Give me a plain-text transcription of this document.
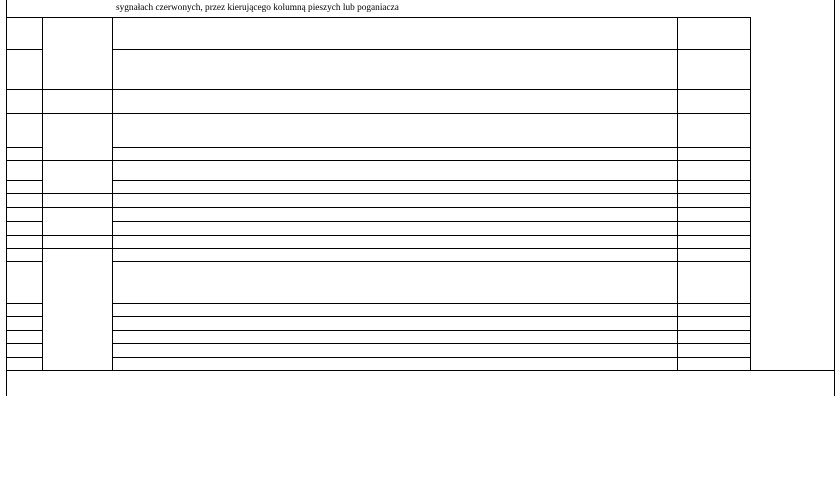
sygnałach czerwonych, przez kierującego kolumną pieszych lub poganiacza
